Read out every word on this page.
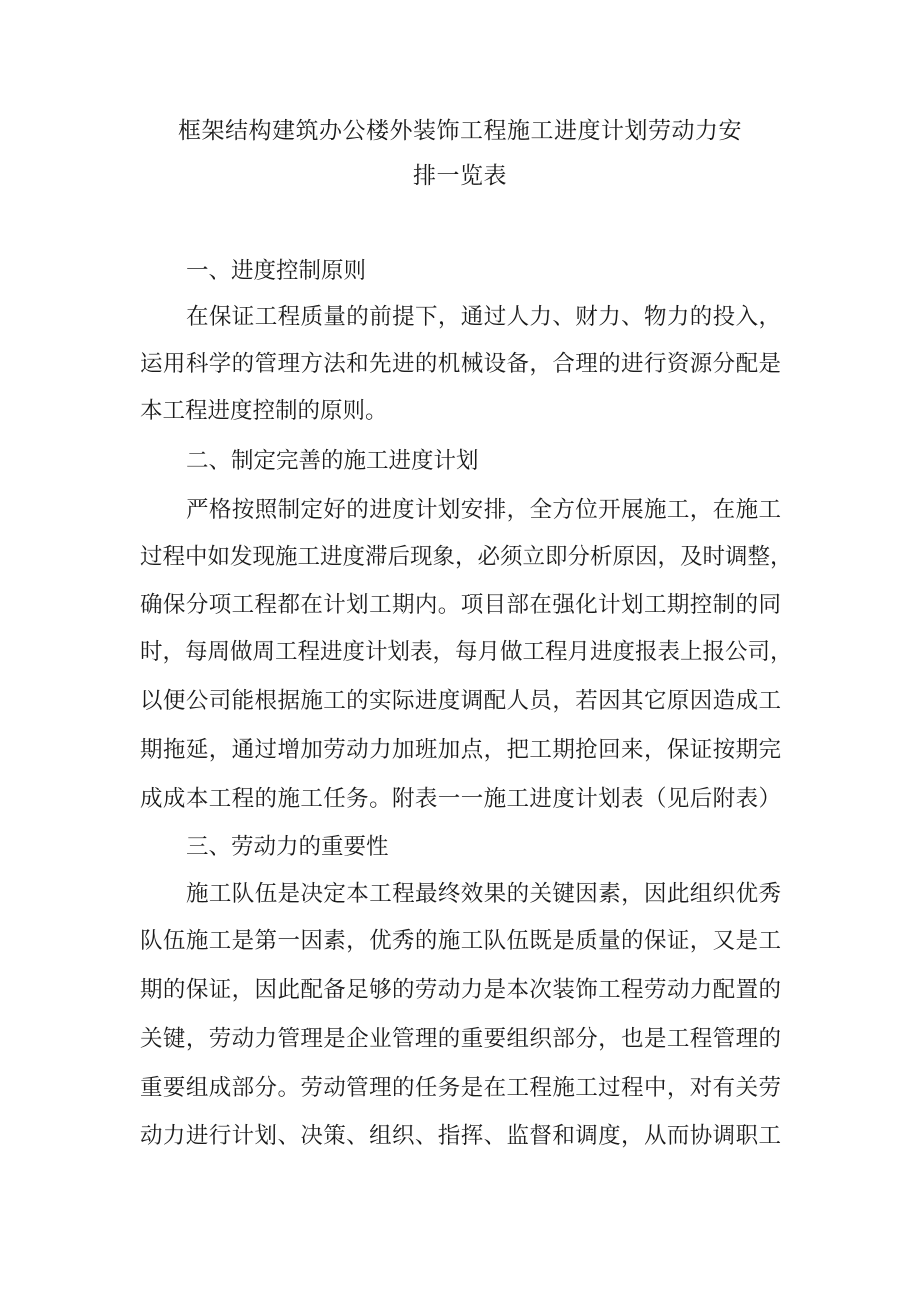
框架结构建筑办公楼外装饰工程施工进度计划劳动力安
排一览表
一、进度控制原则
在保证工程质量的前提下，通过人力、财力、物力的投入，
运用科学的管理方法和先进的机械设备，合理的进行资源分配是
本工程进度控制的原则。
二、制定完善的施工进度计划
严格按照制定好的进度计划安排，全方位开展施工，在施工
过程中如发现施工进度滞后现象，必须立即分析原因，及时调整，
确保分项工程都在计划工期内。项目部在强化计划工期控制的同
时，每周做周工程进度计划表，每月做工程月进度报表上报公司，
以便公司能根据施工的实际进度调配人员，若因其它原因造成工
期拖延，通过增加劳动力加班加点，把工期抢回来，保证按期完
成成本工程的施工任务。附表一一施工进度计划表（见后附表）
三、劳动力的重要性
施工队伍是决定本工程最终效果的关键因素，因此组织优秀
队伍施工是第一因素，优秀的施工队伍既是质量的保证，又是工
期的保证，因此配备足够的劳动力是本次装饰工程劳动力配置的
关键，劳动力管理是企业管理的重要组织部分，也是工程管理的
重要组成部分。劳动管理的任务是在工程施工过程中，对有关劳
动力进行计划、决策、组织、指挥、监督和调度，从而协调职工
